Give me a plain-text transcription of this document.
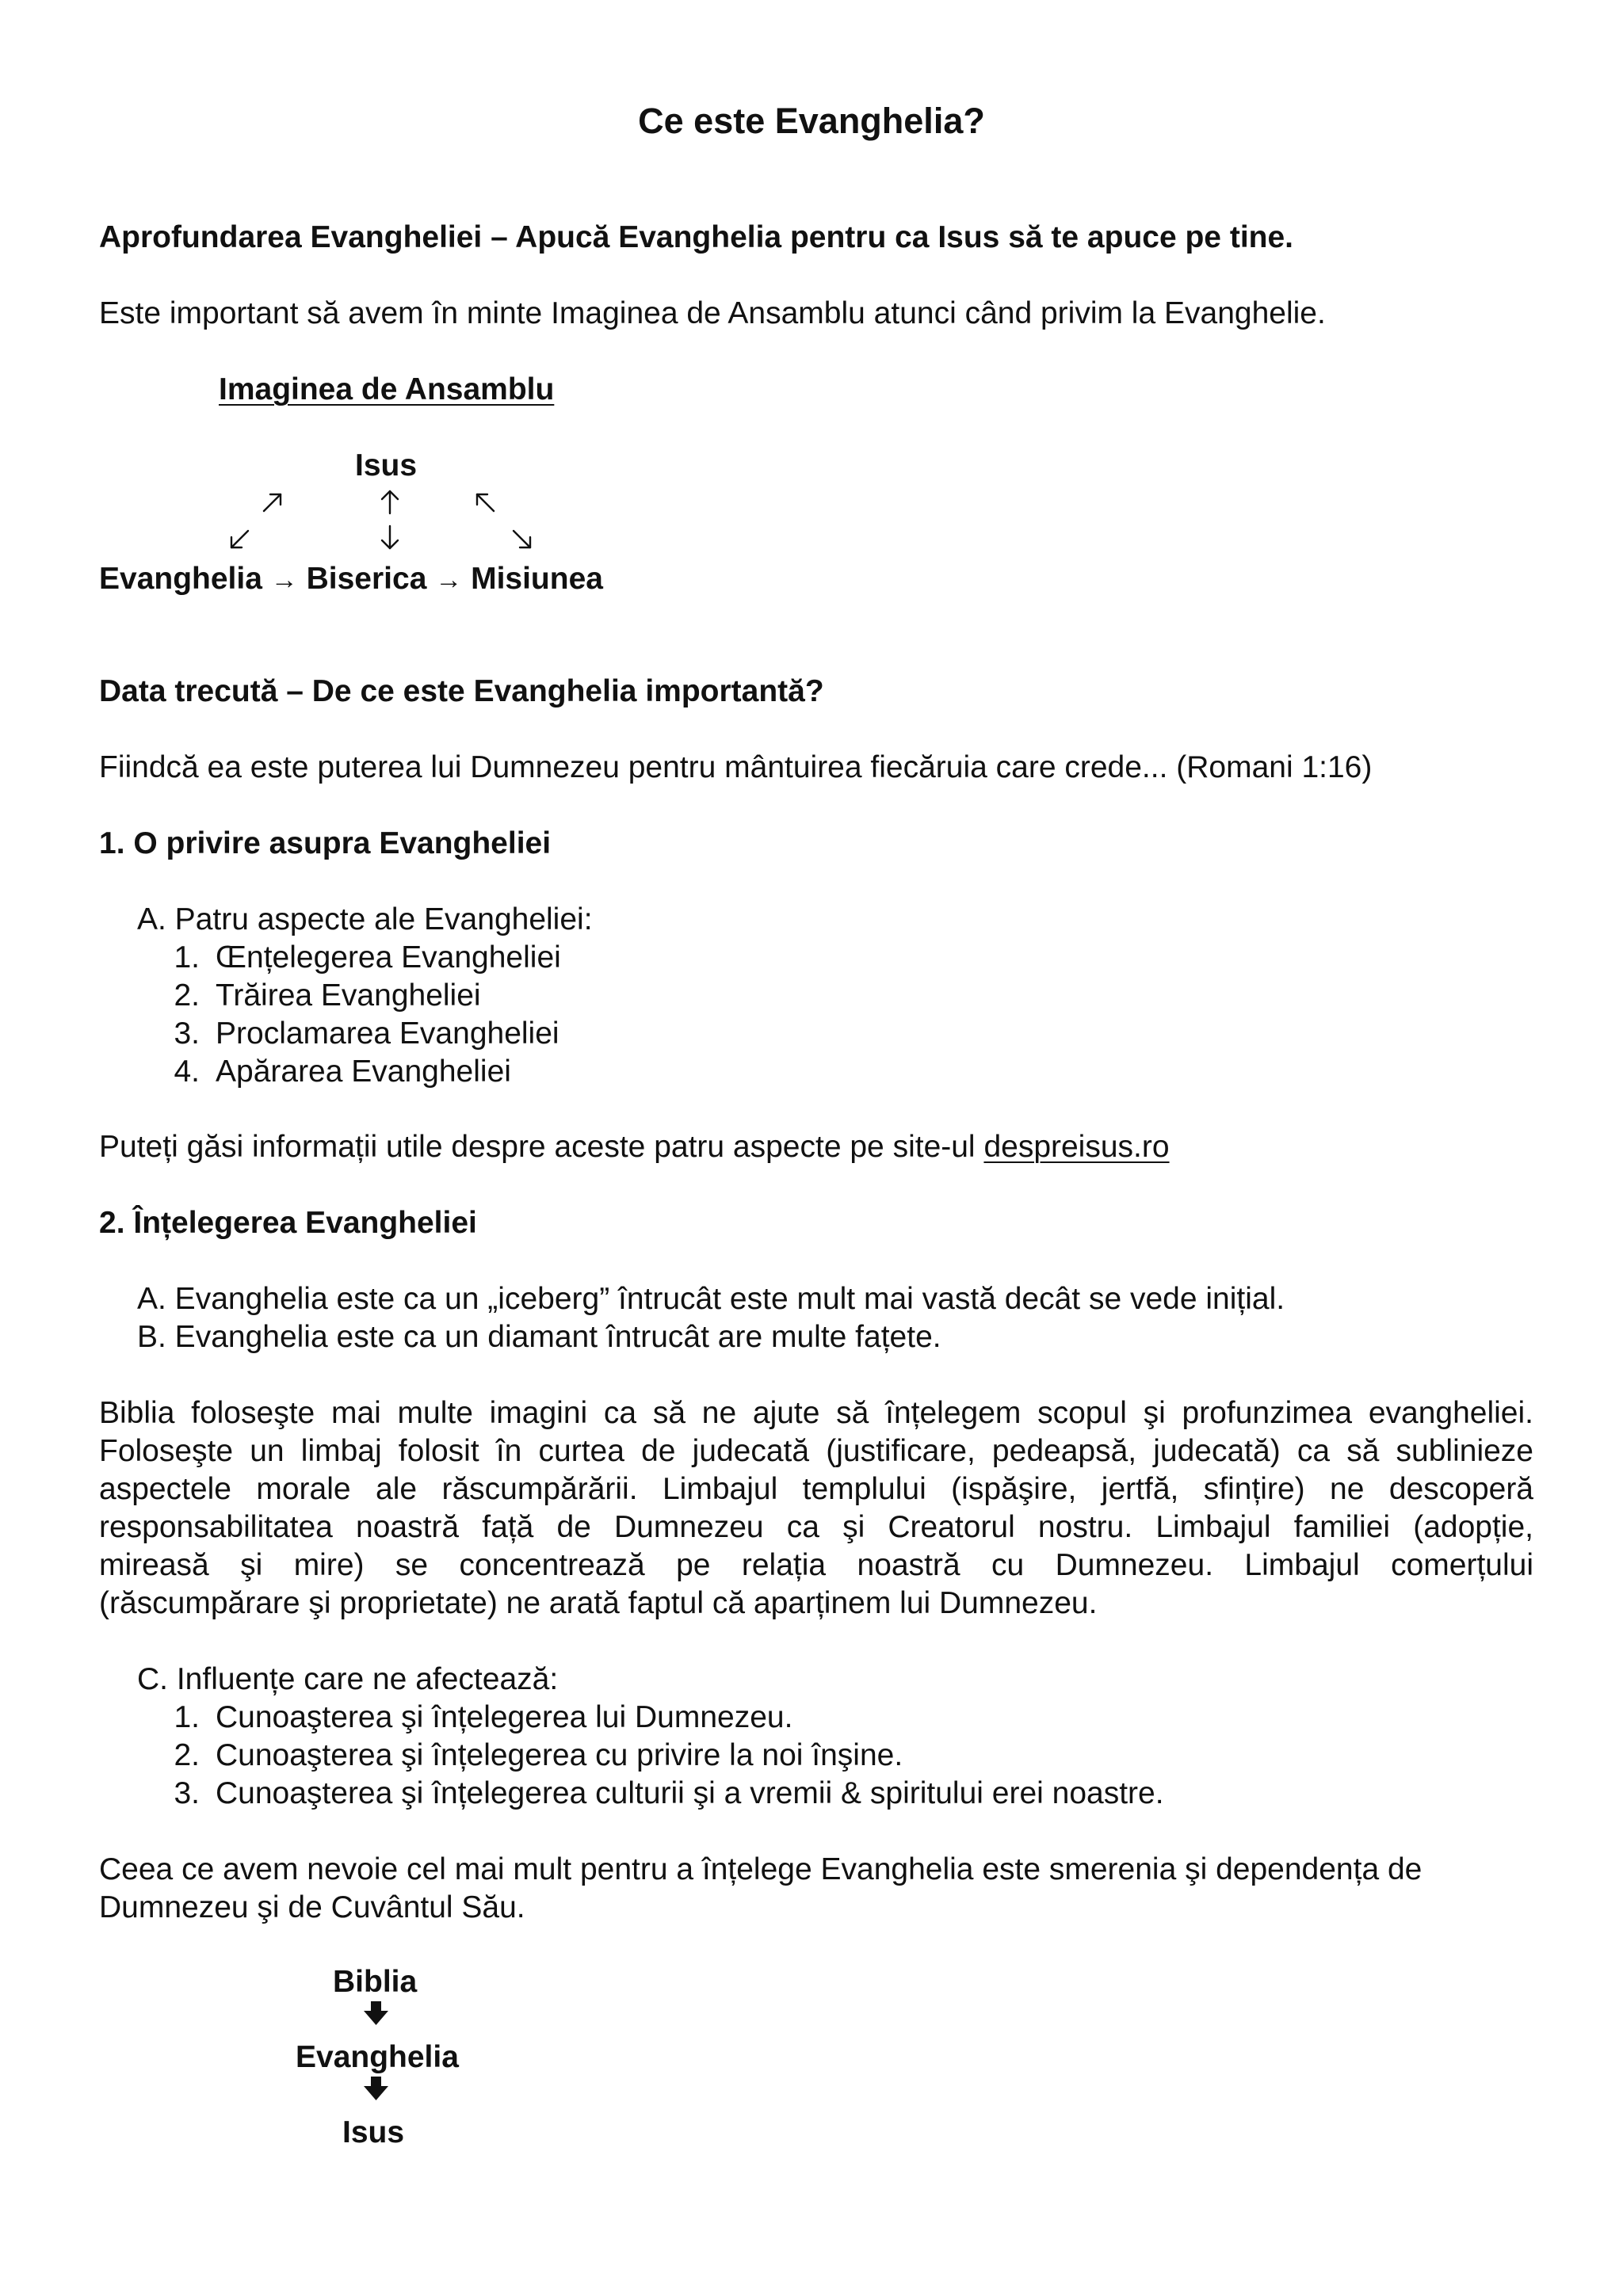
Ce este Evanghelia?
Aprofundarea Evangheliei – Apucă Evanghelia pentru ca Isus să te apuce pe tine.
Este important să avem în minte Imaginea de Ansamblu atunci când privim la Evanghelie.
Imaginea de Ansamblu
Isus
Evanghelia → Biserica → Misiunea
Data trecută – De ce este Evanghelia importantă?
Fiindcă ea este puterea lui Dumnezeu pentru mântuirea fiecăruia care crede... (Romani 1:16)
1. O privire asupra Evangheliei
A. Patru aspecte ale Evangheliei:
1. Œnțelegerea Evangheliei
2. Trăirea Evangheliei
3. Proclamarea Evangheliei
4. Apărarea Evangheliei
Puteți găsi informații utile despre aceste patru aspecte pe site-ul despreisus.ro
2. Înțelegerea Evangheliei
A. Evanghelia este ca un „iceberg” întrucât este mult mai vastă decât se vede inițial.
B. Evanghelia este ca un diamant întrucât are multe fațete.
Biblia foloseşte mai multe imagini ca să ne ajute să înțelegem scopul şi profunzimea evangheliei.
Foloseşte un limbaj folosit în curtea de judecată (justificare, pedeapsă, judecată) ca să sublinieze
aspectele morale ale răscumpărării. Limbajul templului (ispăşire, jertfă, sfințire) ne descoperă
responsabilitatea noastră față de Dumnezeu ca şi Creatorul nostru. Limbajul familiei (adopție,
mireasă şi mire) se concentrează pe relația noastră cu Dumnezeu. Limbajul comerțului
(răscumpărare şi proprietate) ne arată faptul că aparținem lui Dumnezeu.
C. Influențe care ne afectează:
1. Cunoaşterea şi înțelegerea lui Dumnezeu.
2. Cunoaşterea şi înțelegerea cu privire la noi înşine.
3. Cunoaşterea şi înțelegerea culturii şi a vremii & spiritului erei noastre.
Ceea ce avem nevoie cel mai mult pentru a înțelege Evanghelia este smerenia şi dependența de
Dumnezeu şi de Cuvântul Său.
Biblia
Evanghelia
Isus
